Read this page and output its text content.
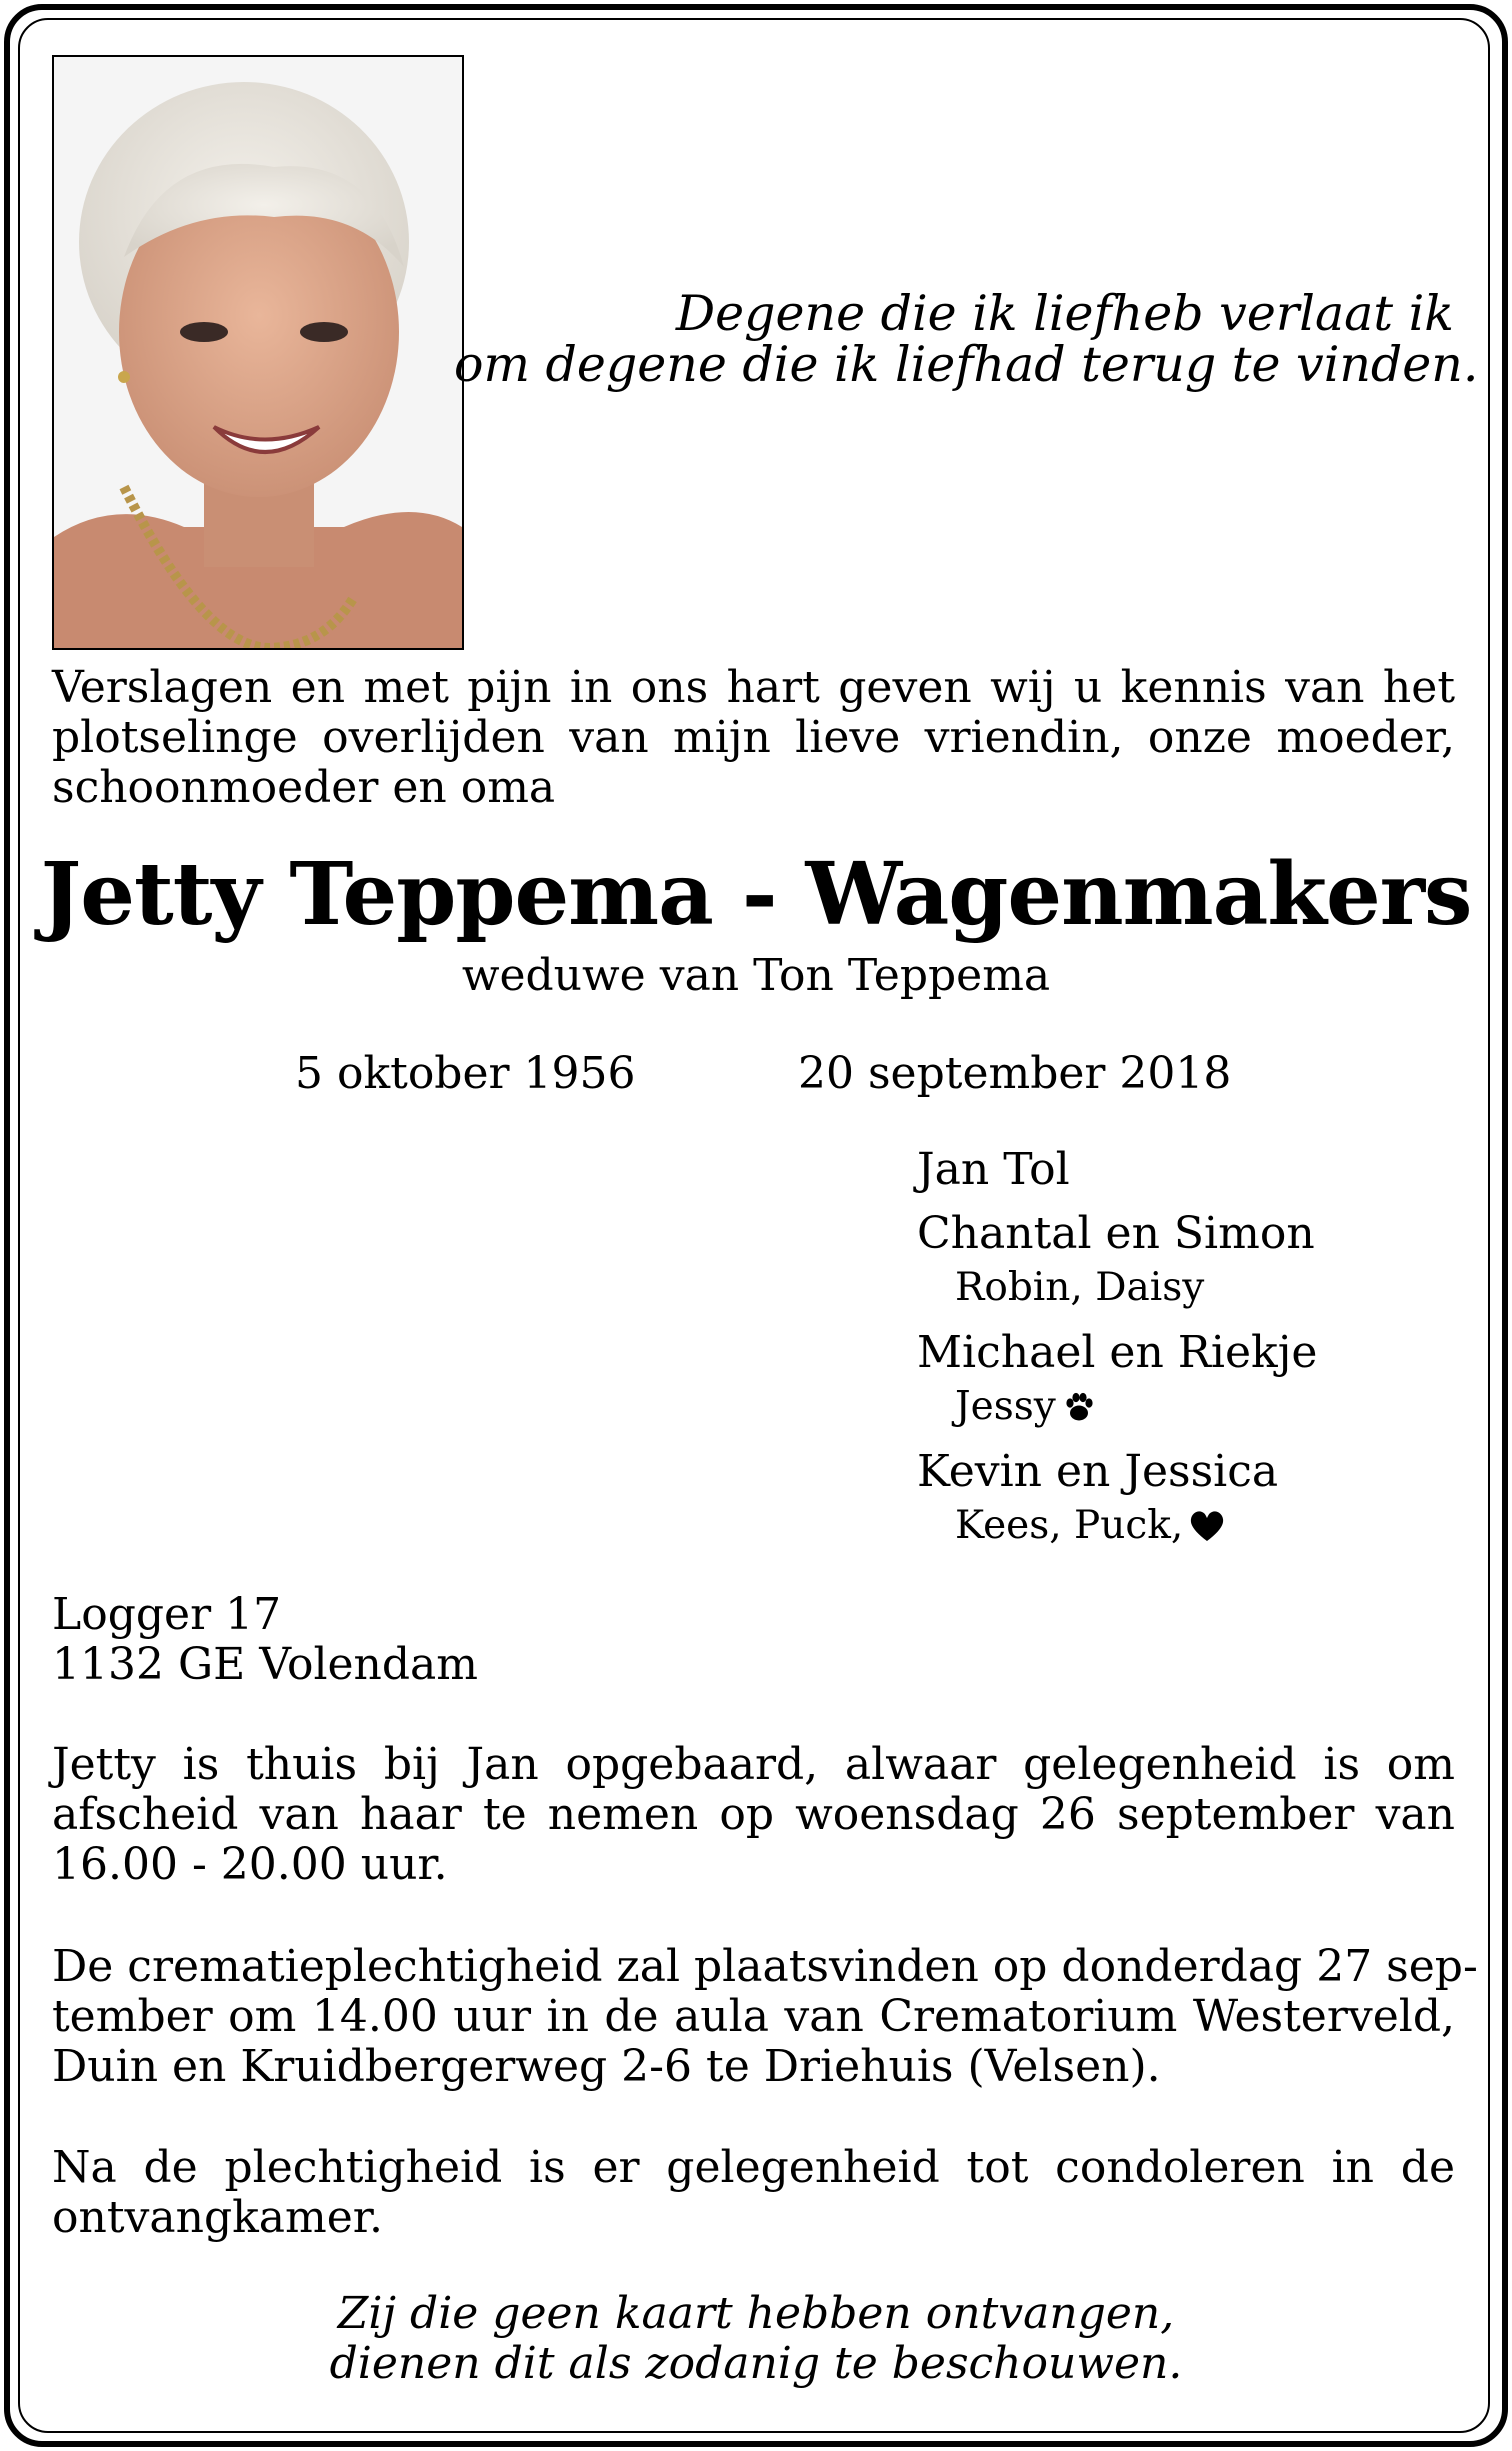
Degene die ik liefheb verlaat ik
om degene die ik liefhad terug te vinden.
Verslagen en met pijn in ons hart geven wij u kennis van het
plotselinge overlijden van mijn lieve vriendin, onze moeder,
schoonmoeder en oma
Jetty Teppema - Wagenmakers
weduwe van Ton Teppema
5 oktober 1956	20 september 2018
Jan Tol
Chantal en Simon
Robin, Daisy
Michael en Riekje
Jessy
Kevin en Jessica
Kees, Puck,
Logger 17
1132 GE Volendam
Jetty is thuis bij Jan opgebaard, alwaar gelegenheid is om
afscheid van haar te nemen op woensdag 26 september van
16.00 - 20.00 uur.
De crematieplechtigheid zal plaatsvinden op donderdag 27 sep-
tember om 14.00 uur in de aula van Crematorium Westerveld,
Duin en Kruidbergerweg 2-6 te Driehuis (Velsen).
Na de plechtigheid is er gelegenheid tot condoleren in de
ontvangkamer.
Zij die geen kaart hebben ontvangen,
dienen dit als zodanig te beschouwen.
